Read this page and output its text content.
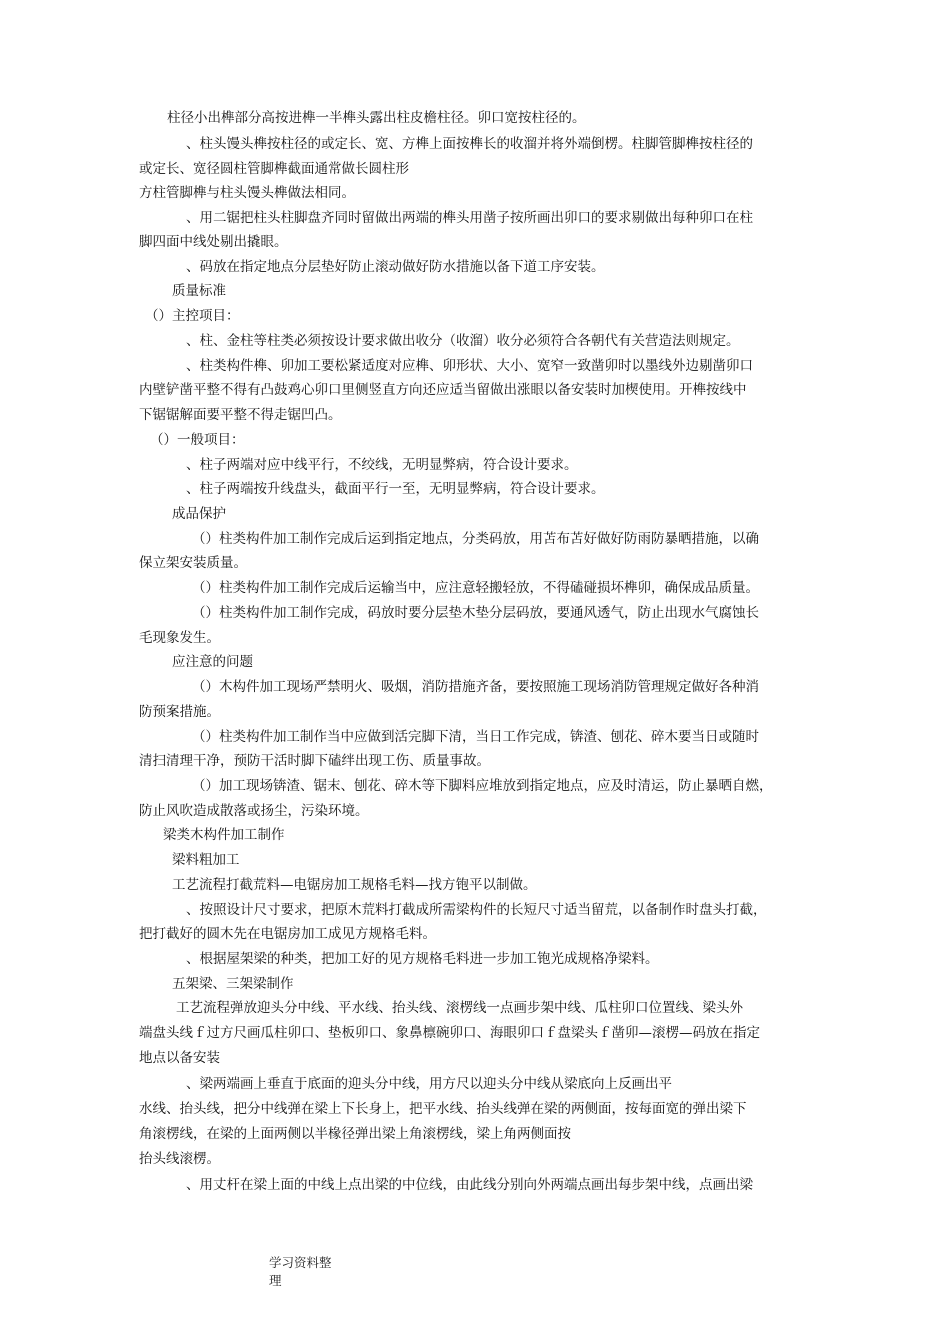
柱径小出榫部分高按进榫一半榫头露出柱皮檐柱径。卯口宽按柱径的。
、柱头馒头榫按柱径的或定长、宽、方榫上面按榫长的收溜并将外端倒楞。柱脚管脚榫按柱径的
或定长、宽径圆柱管脚榫截面通常做长圆柱形
方柱管脚榫与柱头馒头榫做法相同。
、用二锯把柱头柱脚盘齐同时留做出两端的榫头用凿子按所画出卯口的要求剔做出每种卯口在柱
脚四面中线处剔出撬眼。
、码放在指定地点分层垫好防止滚动做好防水措施以备下道工序安装。
质量标准
（）主控项目：
、柱、金柱等柱类必须按设计要求做出收分（收溜）收分必须符合各朝代有关营造法则规定。
、柱类构件榫、卯加工要松紧适度对应榫、卯形状、大小、宽窄一致凿卯时以墨线外边剔凿卯口
内壁铲凿平整不得有凸鼓鸡心卯口里侧竖直方向还应适当留做出涨眼以备安装时加楔使用。开榫按线中
下锯锯解面要平整不得走锯凹凸。
（）一般项目：
、柱子两端对应中线平行，不绞线，无明显弊病，符合设计要求。
、柱子两端按升线盘头，截面平行一至，无明显弊病，符合设计要求。
成品保护
（）柱类构件加工制作完成后运到指定地点，分类码放，用苫布苫好做好防雨防暴晒措施，以确
保立架安装质量。
（）柱类构件加工制作完成后运输当中，应注意轻搬轻放，不得磕碰损坏榫卯，确保成品质量。
（）柱类构件加工制作完成，码放时要分层垫木垫分层码放，要通风透气，防止出现水气腐蚀长
毛现象发生。
应注意的问题
（）木构件加工现场严禁明火、吸烟，消防措施齐备，要按照施工现场消防管理规定做好各种消
防预案措施。
（）柱类构件加工制作当中应做到活完脚下清，当日工作完成，锛渣、刨花、碎木要当日或随时
清扫清理干净，预防干活时脚下磕绊出现工伤、质量事故。
（）加工现场锛渣、锯末、刨花、碎木等下脚料应堆放到指定地点，应及时清运，防止暴晒自燃，
防止风吹造成散落或扬尘，污染环境。
梁类木构件加工制作
梁料粗加工
工艺流程打截荒料—电锯房加工规格毛料—找方铇平以制做。
、按照设计尺寸要求，把原木荒料打截成所需梁构件的长短尺寸适当留荒，以备制作时盘头打截，
把打截好的圆木先在电锯房加工成见方规格毛料。
、根据屋架梁的种类，把加工好的见方规格毛料进一步加工铇光成规格净梁料。
五架梁、三架梁制作
工艺流程弹放迎头分中线、平水线、抬头线、滚楞线一点画步架中线、瓜柱卯口位置线、梁头外
端盘头线ｆ过方尺画瓜柱卯口、垫板卯口、象鼻檩碗卯口、海眼卯口ｆ盘梁头ｆ凿卯—滚楞—码放在指定
地点以备安装
、梁两端画上垂直于底面的迎头分中线，用方尺以迎头分中线从梁底向上反画出平
水线、抬头线，把分中线弹在梁上下长身上，把平水线、抬头线弹在梁的两侧面，按每面宽的弹出梁下
角滚楞线，在梁的上面两侧以半椽径弹出梁上角滚楞线，梁上角两侧面按
抬头线滚楞。
、用丈杆在梁上面的中线上点出梁的中位线，由此线分别向外两端点画出每步架中线，点画出梁
学习资料整
理
